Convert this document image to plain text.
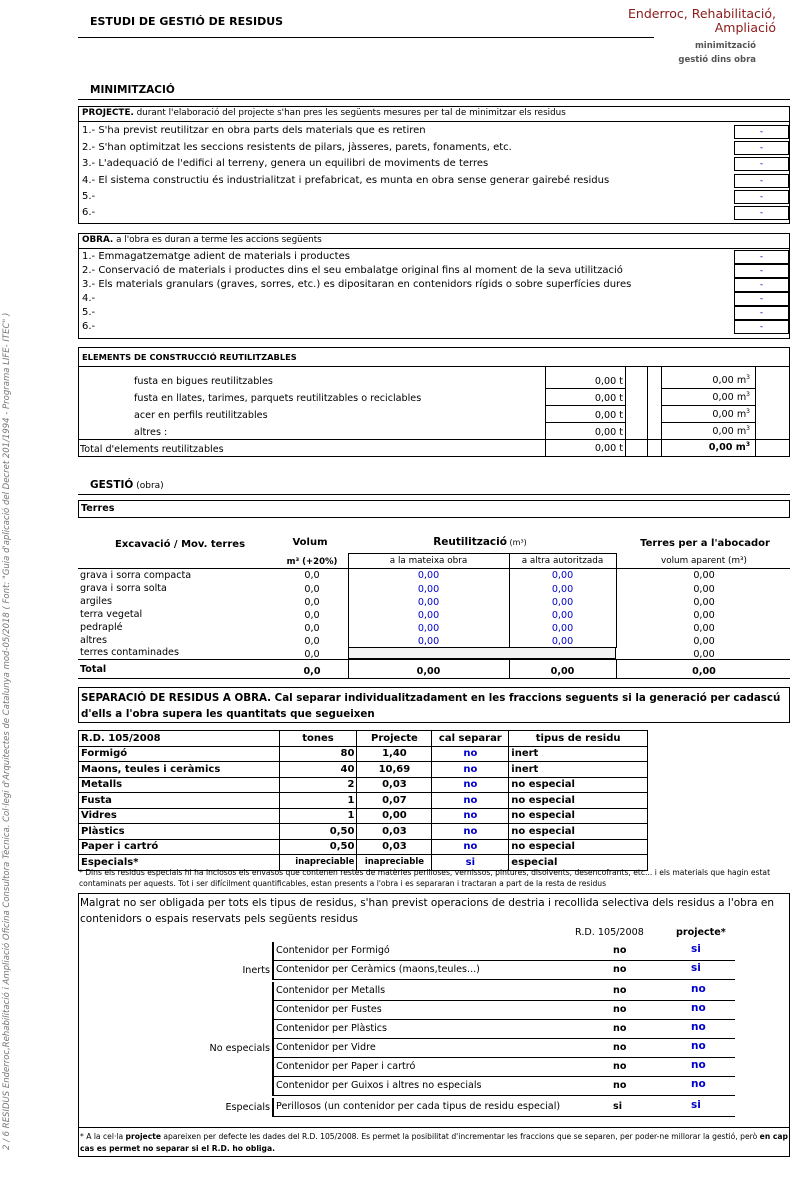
2 / 6 RESIDUS Enderroc,Rehabilitació i Ampliació Oficina Consultora Tècnica. Col·legi d'Arquitectes de Catalunya mod-05/2018 ( Font: "Guia d'aplicació del Decret 201/1994 - Programa LIFE- ITEC" )
ESTUDI DE GESTIÓ DE RESIDUS
Enderroc, Rehabilitació,
Ampliació
minimització
gestió dins obra
MINIMITZACIÓ
PROJECTE. durant l'elaboració del projecte s'han pres les següents mesures per tal de minimitzar els residus
1.- S'ha previst reutilitzar en obra parts dels materials que es retiren	-
2.- S'han optimitzat les seccions resistents de pilars, jàsseres, parets, fonaments, etc.	-
3.- L'adequació de l'edifici al terreny, genera un equilibri de moviments de terres	-
4.- El sistema constructiu és industrialitzat i prefabricat, es munta en obra sense generar gairebé residus	-
5.-	-
6.-	-
OBRA. a l'obra es duran a terme les accions següents
1.- Emmagatzematge adient de materials i productes	-
2.- Conservació de materials i productes dins el seu embalatge original fins al moment de la seva utilització	-
3.- Els materials granulars (graves, sorres, etc.) es dipositaran en contenidors rígids o sobre superfícies dures	-
4.-	-
5.-	-
6.-	-
ELEMENTS DE CONSTRUCCIÓ REUTILITZABLES
fusta en bigues reutilitzables	0,00 t	0,00 $m^3$
fusta en llates, tarimes, parquets reutilitzables o reciclables	0,00 t	0,00 $m^3$
acer en perfils reutilitzables	0,00 t	0,00 $m^3$
altres :	0,00 t	0,00 $m^3$
Total d'elements reutilitzables	0,00 t	0,00 $m^3$
GESTIÓ (obra)
Terres
Excavació / Mov. terres	Volum
m³ (+20%)
Reutilització (m³)	Terres per a l'abocador
a la mateixa obra	a altra autoritzada	volum aparent (m³)
grava i sorra compacta	0,0	0,00	0,00	0,00
grava i sorra solta	0,0	0,00	0,00	0,00
argiles	0,0	0,00	0,00	0,00
terra vegetal	0,0	0,00	0,00	0,00
pedraplé	0,0	0,00	0,00	0,00
altres	0,0	0,00	0,00	0,00
terres contaminades	0,0	0,00
Total	0,0	0,00	0,00	0,00
SEPARACIÓ DE RESIDUS A OBRA. Cal separar individualitzadament en les fraccions seguents si la generació per cadascú d'ells a l'obra supera les quantitats que segueixen
R.D. 105/2008	tones	Projecte	cal separar	tipus de residu
Formigó	80	1,40	no	inert
Maons, teules i ceràmics	40	10,69	no	inert
Metalls	2	0,03	no	no especial
Fusta	1	0,07	no	no especial
Vidres	1	0,00	no	no especial
Plàstics	0,50	0,03	no	no especial
Paper i cartró	0,50	0,03	no	no especial
Especials*	inapreciable	inapreciable	si	especial
* Dins els residus especials hi ha inclosos els envasos que contenen restes de matèries perilloses, vernissos, pintures, disolvents, desencofrants, etc... i els materials que hagin estat contaminats per aquests. Tot i ser difícilment quantificables, estan presents a l'obra i es separaran i tractaran a part de la resta de residus
Malgrat no ser obligada per tots els tipus de residus, s'han previst operacions de destria i recollida selectiva dels residus a l'obra en contenidors o espais reservats pels següents residus
R.D. 105/2008	projecte*
Inerts
No especials
Especials
Contenidor per Formigó	no	si
Contenidor per Ceràmics (maons,teules...)	no	si
Contenidor per Metalls	no	no
Contenidor per Fustes	no	no
Contenidor per Plàstics	no	no
Contenidor per Vidre	no	no
Contenidor per Paper i cartró	no	no
Contenidor per Guixos i altres no especials	no	no
Perillosos (un contenidor per cada tipus de residu especial)	si	si
* A la cel·la projecte apareixen per defecte les dades del R.D. 105/2008. Es permet la posibilitat d'incrementar les fraccions que se separen, per poder-ne millorar la gestió, però en cap cas es permet no separar si el R.D. ho obliga.
